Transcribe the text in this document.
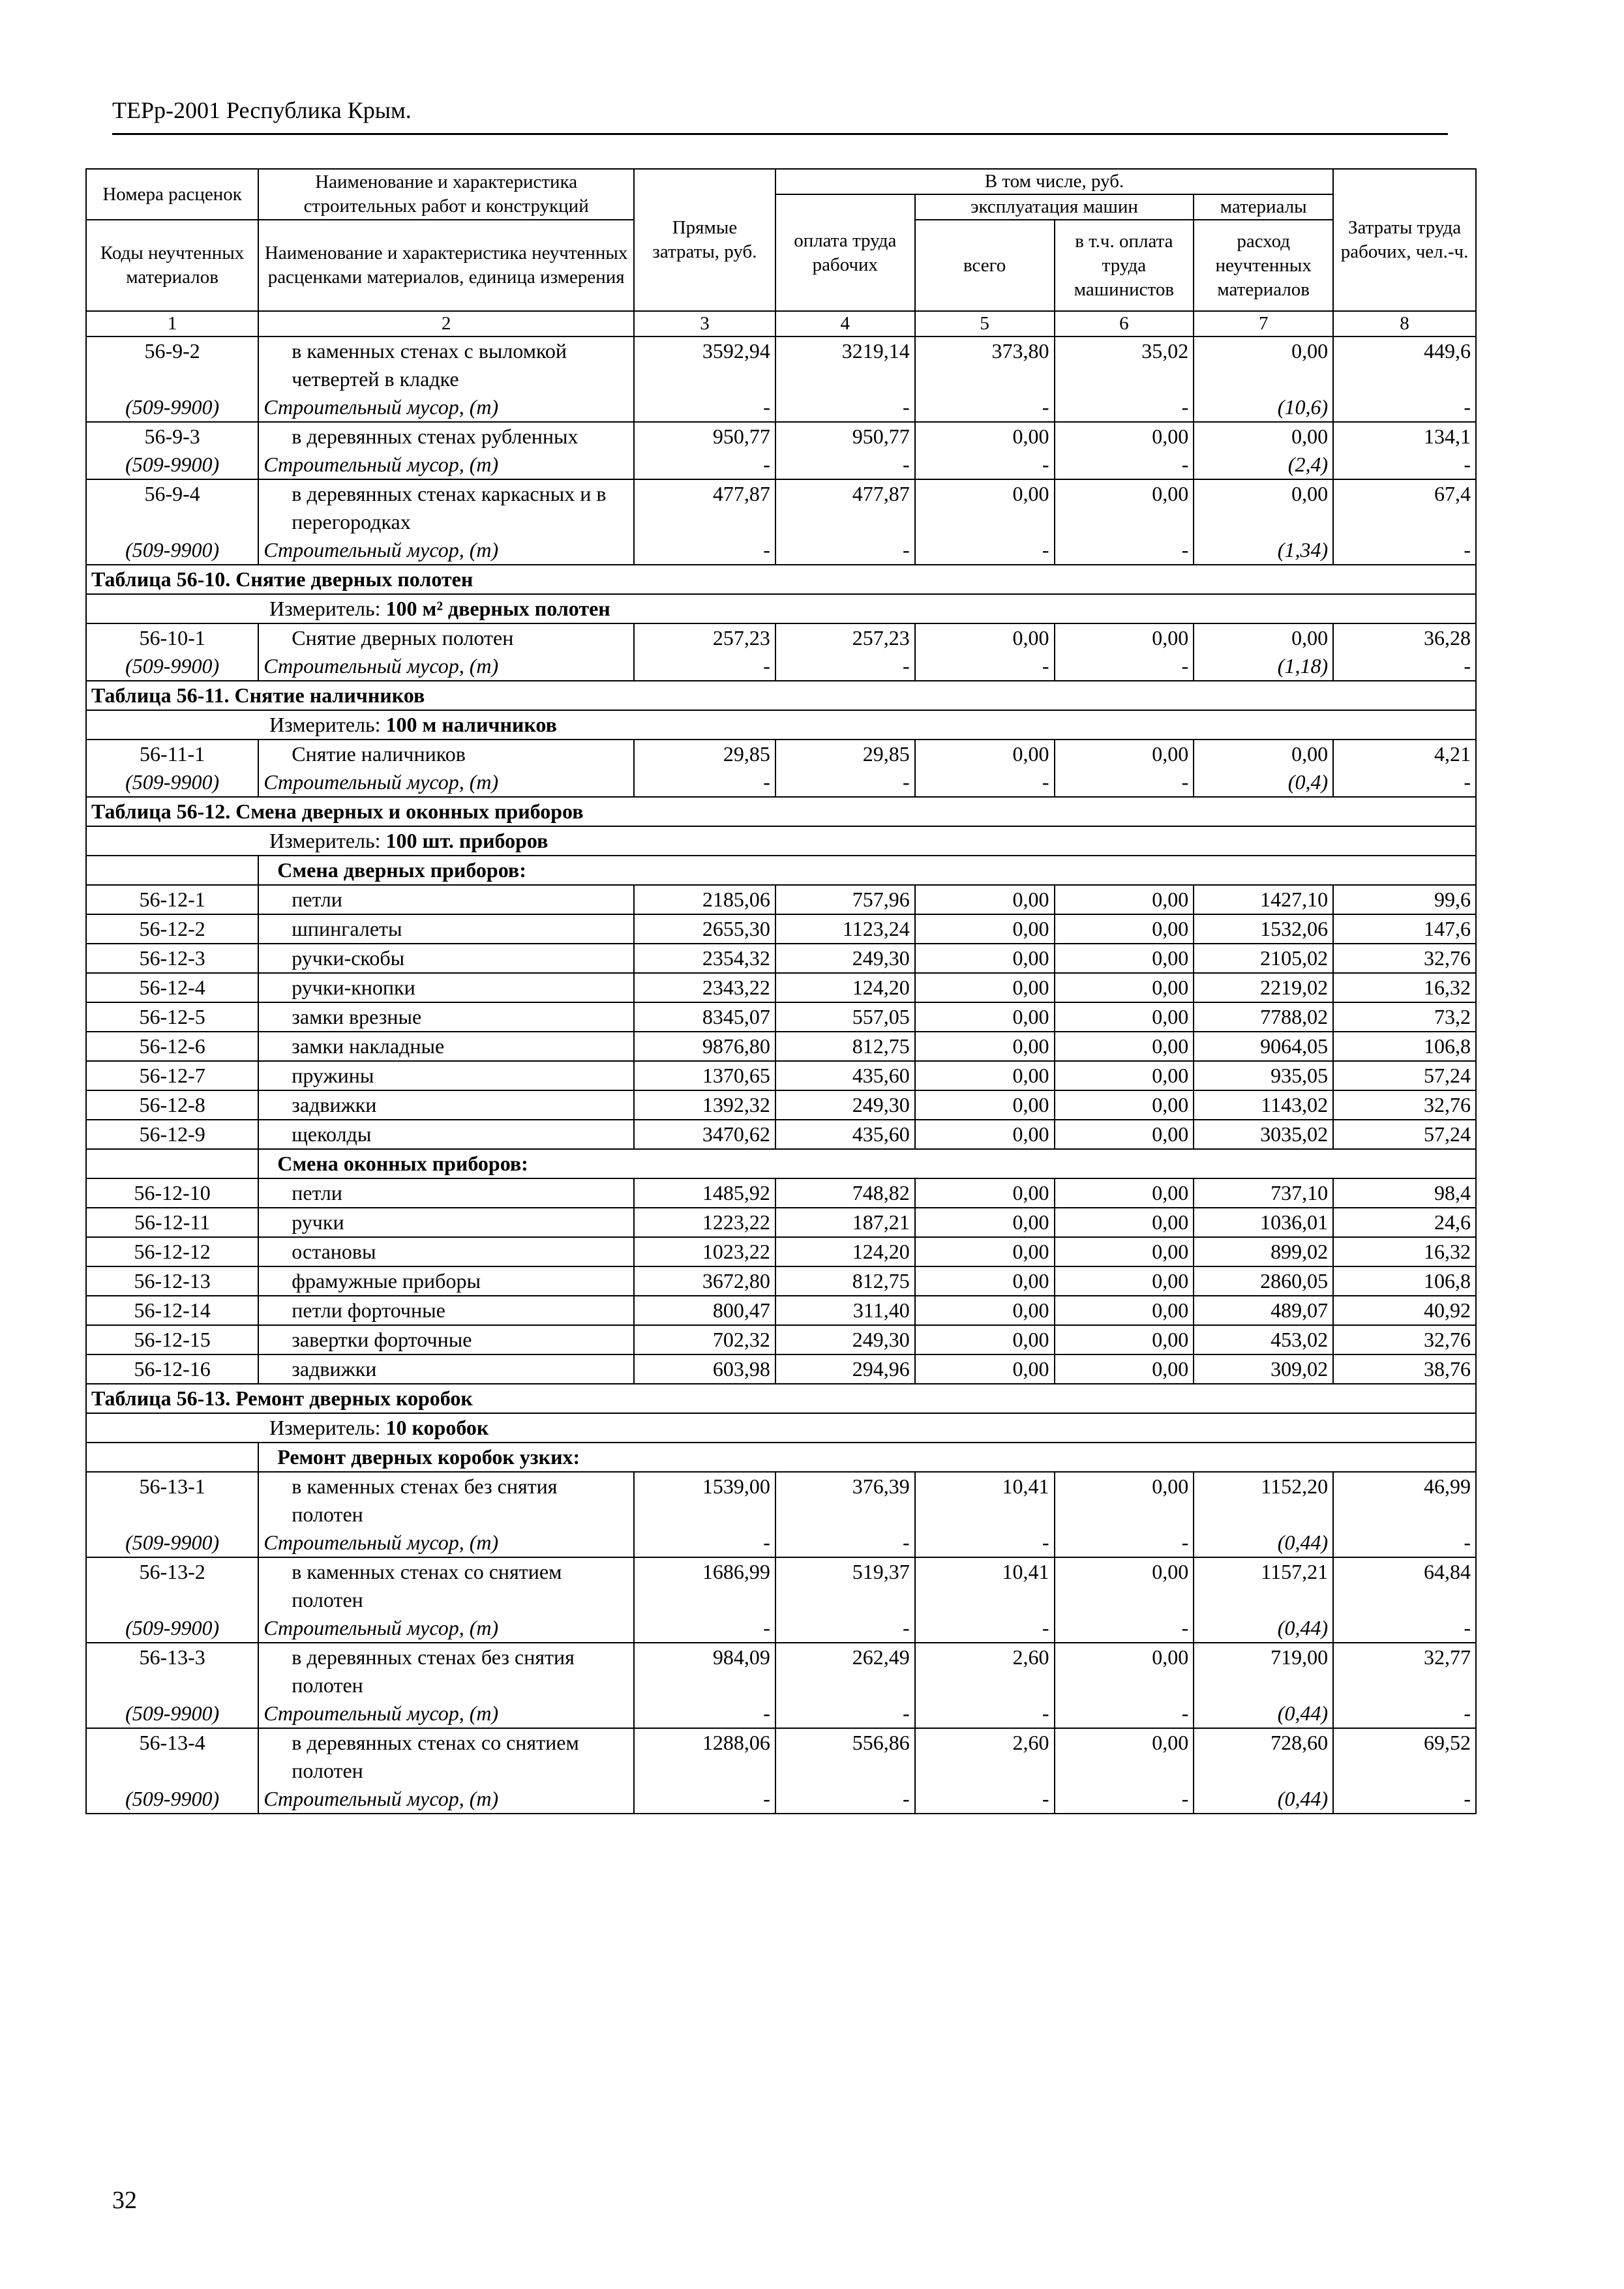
ТЕРр-2001 Республика Крым.
Номера расценок	Наименование и характеристика строительных работ и конструкций	Прямые затраты, руб.	В том числе, руб.				Затраты труда рабочих, чел.-ч.
			оплата труда рабочих	эксплуатация машин		материалы	
Коды неучтенных материалов	Наименование и характеристика неучтенных расценками материалов, единица измерения			всего	в т.ч. оплата труда машинистов	расход неучтенных материалов	

1	2	3	4	5	6	7	8
56-9-2	в каменных стенах с выломкой четвертей в кладке	3592,94	3219,14	373,80	35,02	0,00	449,6
(509-9900)	Строительный мусор, (т)	-	-	-	-	(10,6)	-
56-9-3	в деревянных стенах рубленных	950,77	950,77	0,00	0,00	0,00	134,1
(509-9900)	Строительный мусор, (т)	-	-	-	-	(2,4)	-
56-9-4	в деревянных стенах каркасных и в перегородках	477,87	477,87	0,00	0,00	0,00	67,4
(509-9900)	Строительный мусор, (т)	-	-	-	-	(1,34)	-
Таблица 56-10. Снятие дверных полотен							
Измеритель: 100 м² дверных полотен							
56-10-1	Снятие дверных полотен	257,23	257,23	0,00	0,00	0,00	36,28
(509-9900)	Строительный мусор, (т)	-	-	-	-	(1,18)	-
Таблица 56-11. Снятие наличников							
Измеритель: 100 м наличников							
56-11-1	Снятие наличников	29,85	29,85	0,00	0,00	0,00	4,21
(509-9900)	Строительный мусор, (т)	-	-	-	-	(0,4)	-
Таблица 56-12. Смена дверных и оконных приборов							
Измеритель: 100 шт. приборов							
	Смена дверных приборов:						
56-12-1	петли	2185,06	757,96	0,00	0,00	1427,10	99,6
56-12-2	шпингалеты	2655,30	1123,24	0,00	0,00	1532,06	147,6
56-12-3	ручки-скобы	2354,32	249,30	0,00	0,00	2105,02	32,76
56-12-4	ручки-кнопки	2343,22	124,20	0,00	0,00	2219,02	16,32
56-12-5	замки врезные	8345,07	557,05	0,00	0,00	7788,02	73,2
56-12-6	замки накладные	9876,80	812,75	0,00	0,00	9064,05	106,8
56-12-7	пружины	1370,65	435,60	0,00	0,00	935,05	57,24
56-12-8	задвижки	1392,32	249,30	0,00	0,00	1143,02	32,76
56-12-9	щеколды	3470,62	435,60	0,00	0,00	3035,02	57,24
	Смена оконных приборов:						
56-12-10	петли	1485,92	748,82	0,00	0,00	737,10	98,4
56-12-11	ручки	1223,22	187,21	0,00	0,00	1036,01	24,6
56-12-12	остановы	1023,22	124,20	0,00	0,00	899,02	16,32
56-12-13	фрамужные приборы	3672,80	812,75	0,00	0,00	2860,05	106,8
56-12-14	петли форточные	800,47	311,40	0,00	0,00	489,07	40,92
56-12-15	завертки форточные	702,32	249,30	0,00	0,00	453,02	32,76
56-12-16	задвижки	603,98	294,96	0,00	0,00	309,02	38,76
Таблица 56-13. Ремонт дверных коробок							
Измеритель: 10 коробок							
	Ремонт дверных коробок узких:						
56-13-1	в каменных стенах без снятия полотен	1539,00	376,39	10,41	0,00	1152,20	46,99
(509-9900)	Строительный мусор, (т)	-	-	-	-	(0,44)	-
56-13-2	в каменных стенах со снятием полотен	1686,99	519,37	10,41	0,00	1157,21	64,84
(509-9900)	Строительный мусор, (т)	-	-	-	-	(0,44)	-
56-13-3	в деревянных стенах без снятия полотен	984,09	262,49	2,60	0,00	719,00	32,77
(509-9900)	Строительный мусор, (т)	-	-	-	-	(0,44)	-
56-13-4	в деревянных стенах со снятием полотен	1288,06	556,86	2,60	0,00	728,60	69,52
(509-9900)	Строительный мусор, (т)	-	-	-	-	(0,44)	-
32
